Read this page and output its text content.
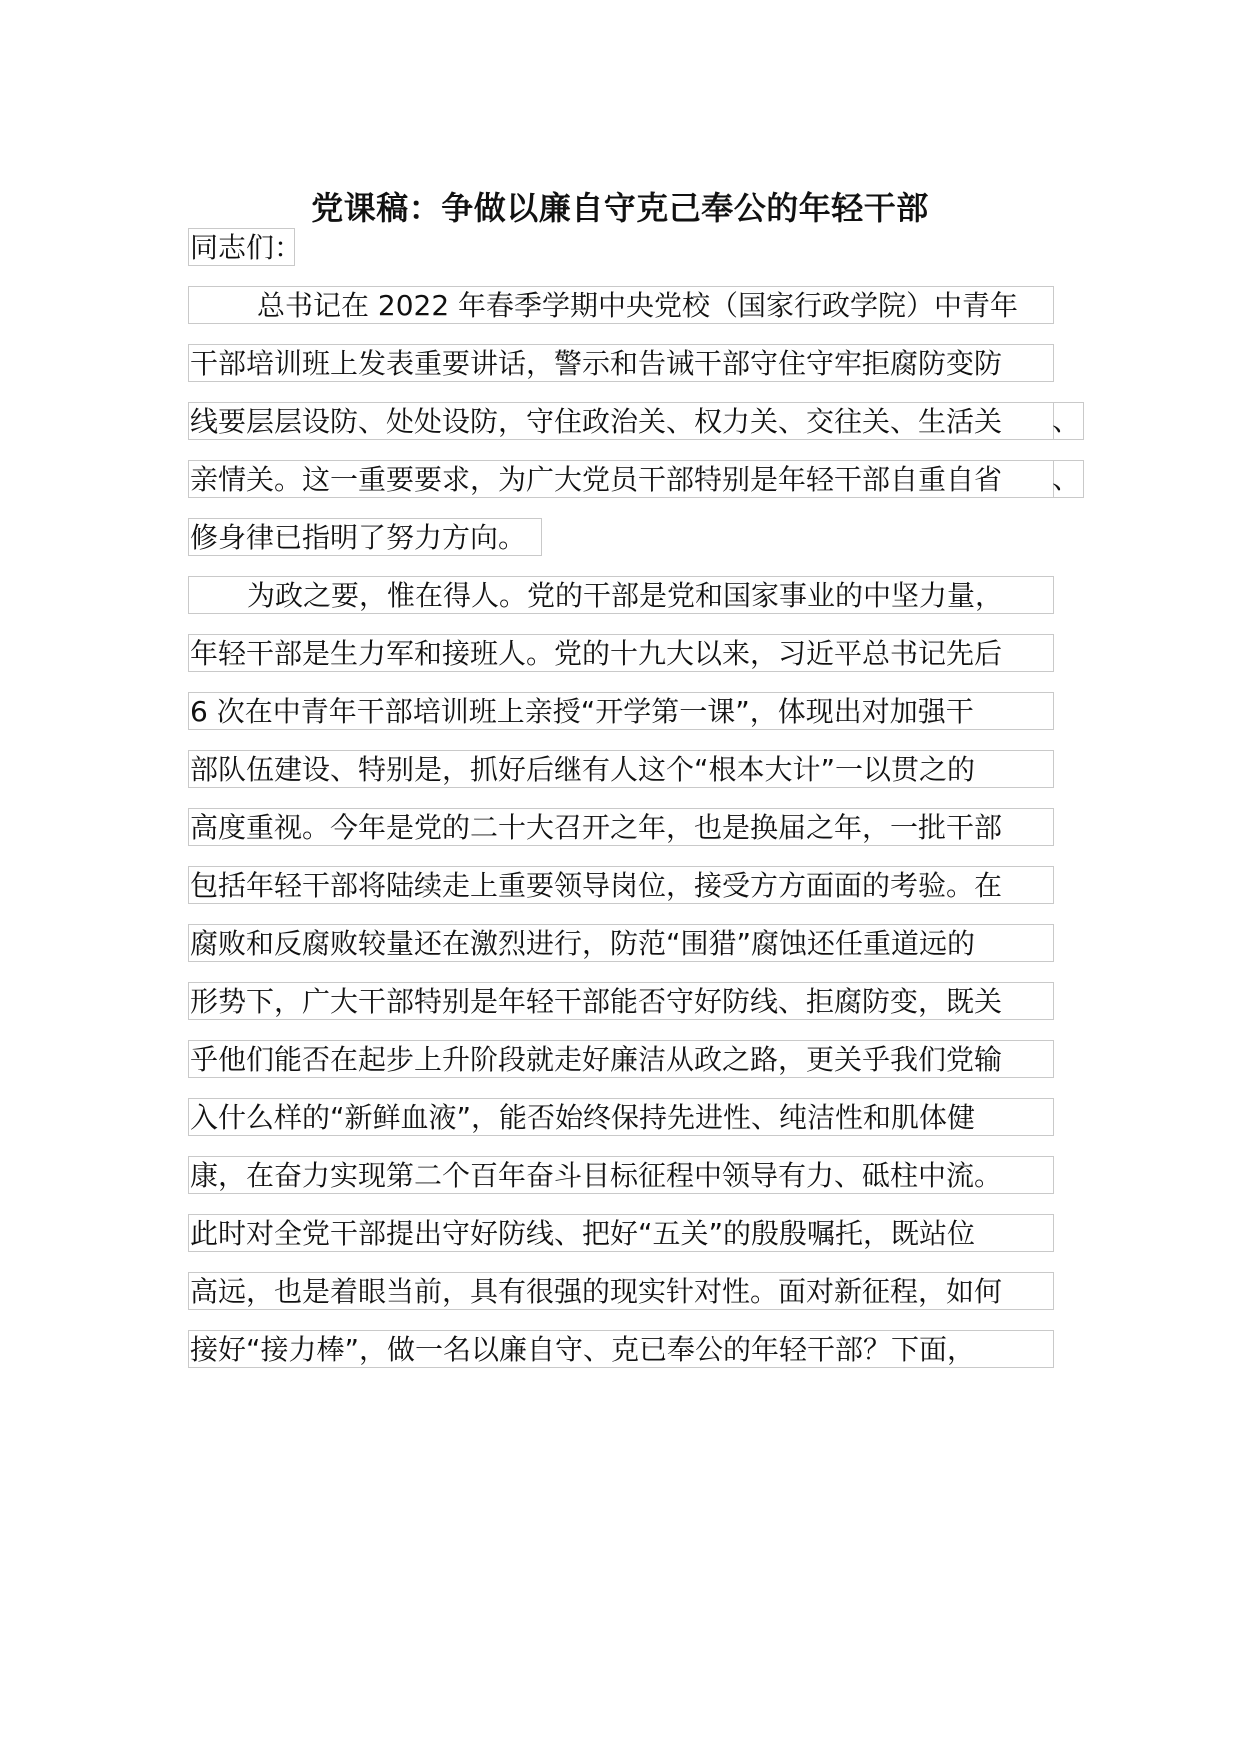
党课稿：争做以廉自守克己奉公的年轻干部
同志们：
总书记在 2022 年春季学期中央党校（国家行政学院）中青年
干部培训班上发表重要讲话，警示和告诫干部守住守牢拒腐防变防
线要层层设防、处处设防，守住政治关、权力关、交往关、生活关	、
亲情关。这一重要要求，为广大党员干部特别是年轻干部自重自省	、
修身律已指明了努力方向。
为政之要，惟在得人。党的干部是党和国家事业的中坚力量，
年轻干部是生力军和接班人。党的十九大以来，习近平总书记先后
6 次在中青年干部培训班上亲授“开学第一课”，体现出对加强干
部队伍建设、特别是，抓好后继有人这个“根本大计”一以贯之的
高度重视。今年是党的二十大召开之年，也是换届之年，一批干部
包括年轻干部将陆续走上重要领导岗位，接受方方面面的考验。在
腐败和反腐败较量还在激烈进行，防范“围猎”腐蚀还任重道远的
形势下，广大干部特别是年轻干部能否守好防线、拒腐防变，既关
乎他们能否在起步上升阶段就走好廉洁从政之路，更关乎我们党输
入什么样的“新鲜血液”，能否始终保持先进性、纯洁性和肌体健
康，在奋力实现第二个百年奋斗目标征程中领导有力、砥柱中流。
此时对全党干部提出守好防线、把好“五关”的殷殷嘱托，既站位
高远，也是着眼当前，具有很强的现实针对性。面对新征程，如何
接好“接力棒”，做一名以廉自守、克已奉公的年轻干部？下面，
